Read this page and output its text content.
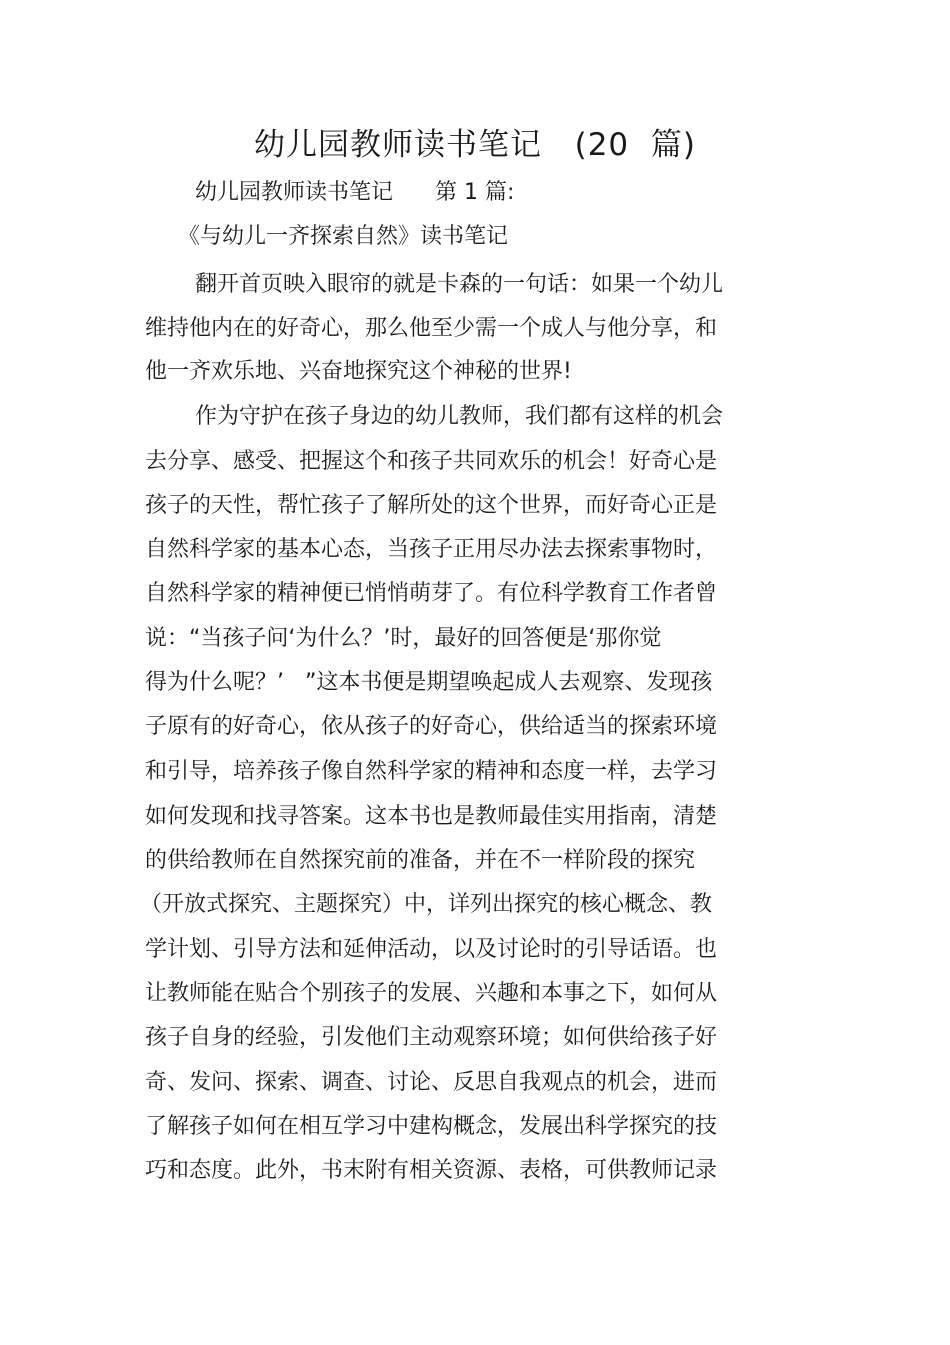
幼儿园教师读书笔记   (20  篇)
幼儿园教师读书笔记      第 1 篇:
《与幼儿一齐探索自然》读书笔记
翻开首页映入眼帘的就是卡森的一句话：如果一个幼儿
维持他内在的好奇心，那么他至少需一个成人与他分享，和
他一齐欢乐地、兴奋地探究这个神秘的世界!
作为守护在孩子身边的幼儿教师，我们都有这样的机会
去分享、感受、把握这个和孩子共同欢乐的机会！好奇心是
孩子的天性，帮忙孩子了解所处的这个世界，而好奇心正是
自然科学家的基本心态，当孩子正用尽办法去探索事物时，
自然科学家的精神便已悄悄萌芽了。有位科学教育工作者曾
说：“当孩子问‘为什么？’时，最好的回答便是‘那你觉
得为什么呢？’   ”这本书便是期望唤起成人去观察、发现孩
子原有的好奇心，依从孩子的好奇心，供给适当的探索环境
和引导，培养孩子像自然科学家的精神和态度一样，去学习
如何发现和找寻答案。这本书也是教师最佳实用指南，清楚
的供给教师在自然探究前的准备，并在不一样阶段的探究
（开放式探究、主题探究）中，详列出探究的核心概念、教
学计划、引导方法和延伸活动，以及讨论时的引导话语。也
让教师能在贴合个别孩子的发展、兴趣和本事之下，如何从
孩子自身的经验，引发他们主动观察环境；如何供给孩子好
奇、发问、探索、调查、讨论、反思自我观点的机会，进而
了解孩子如何在相互学习中建构概念，发展出科学探究的技
巧和态度。此外，书末附有相关资源、表格，可供教师记录
